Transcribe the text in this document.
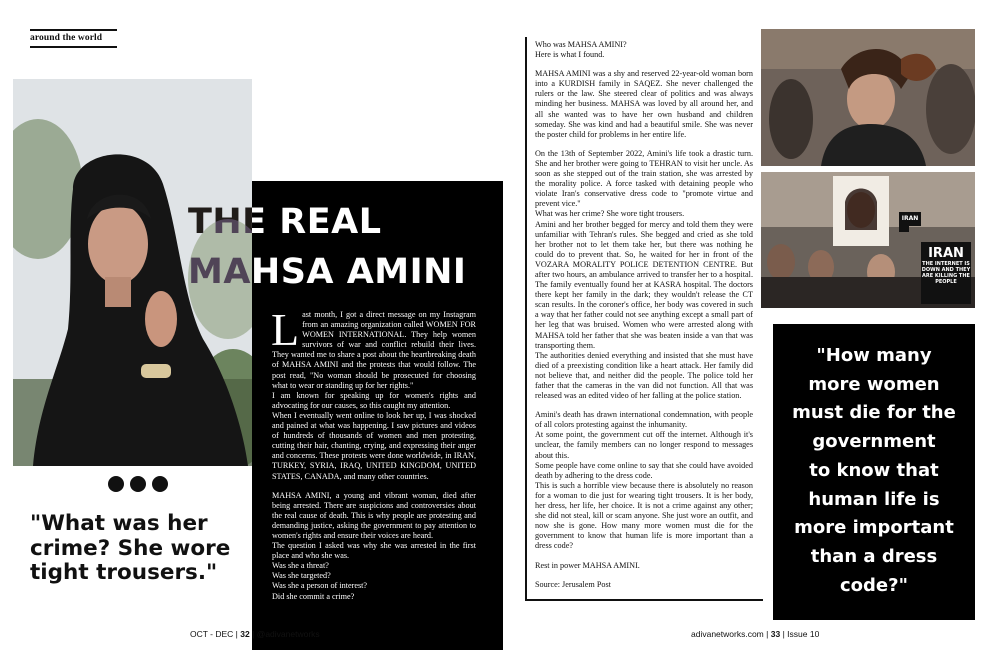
around the world
"What was her crime? She wore tight trousers."
THE REAL
MAHSA AMINI

L ast month, I got a direct message on my Instagram from an amazing organization called WOMEN FOR WOMEN INTERNATIONAL. They help women survivors of war and conflict rebuild their lives. They wanted me to share a post about the heartbreaking death of MAHSA AMINI and the protests that would follow. The post read, "No woman should be prosecuted for choosing what to wear or standing up for her rights."

I am known for speaking up for women's rights and advocating for our causes, so this caught my attention.

When I eventually went online to look her up, I was shocked and pained at what was happening. I saw pictures and videos of hundreds of thousands of women and men protesting, cutting their hair, chanting, crying, and expressing their anger and concerns. These protests were done worldwide, in IRAN, TURKEY, SYRIA, IRAQ, UNITED KINGDOM, UNITED STATES, CANADA, and many other countries.

MAHSA AMINI, a young and vibrant woman, died after being arrested. There are suspicions and controversies about the real cause of death. This is why people are protesting and demanding justice, asking the government to pay attention to women's rights and ensure their voices are heard.

The question I asked was why she was arrested in the first place and who she was.

Was she a threat?

Was she targeted?

Was she a person of interest?

Did she commit a crime?

OCT - DEC | 32 | @adivanetworks

Who was MAHSA AMINI?

Here is what I found.

MAHSA AMINI was a shy and reserved 22-year-old woman born into a KURDISH family in SAQEZ. She never challenged the rulers or the law. She steered clear of politics and was always minding her business. MAHSA was loved by all around her, and all she wanted was to have her own husband and children someday. She was kind and had a beautiful smile. She was never the poster child for problems in her entire life.

On the 13th of September 2022, Amini's life took a drastic turn. She and her brother were going to TEHRAN to visit her uncle. As soon as she stepped out of the train station, she was arrested by the morality police. A force tasked with detaining people who violate Iran's conservative dress code to "promote virtue and prevent vice."

What was her crime? She wore tight trousers.

Amini and her brother begged for mercy and told them they were unfamiliar with Tehran's rules. She begged and cried as she told her brother not to let them take her, but there was nothing he could do to prevent that. So, he waited for her in front of the VOZARA MORALITY POLICE DETENTION CENTRE. But after two hours, an ambulance arrived to transfer her to a hospital. The family eventually found her at KASRA hospital. The doctors there kept her family in the dark; they wouldn't release the CT scan results. In the coroner's office, her body was covered in such a way that her father could not see anything except a small part of her leg that was bruised. Women who were arrested along with MAHSA told her father that she was beaten inside a van that was transporting them.

The authorities denied everything and insisted that she must have died of a preexisting condition like a heart attack. Her family did not believe that, and neither did the people. The police told her father that the cameras in the van did not function. All that was released was an edited video of her falling at the police station.

Amini's death has drawn international condemnation, with people of all colors protesting against the inhumanity.

At some point, the government cut off the internet. Although it's unclear, the family members can no longer respond to messages about this.

Some people have come online to say that she could have avoided death by adhering to the dress code.

This is such a horrible view because there is absolutely no reason for a woman to die just for wearing tight trousers. It is her body, her dress, her life, her choice. It is not a crime against any other; she did not steal, kill or scam anyone. She just wore an outfit, and now she is gone. How many more women must die for the government to know that human life is more important than a dress code?

Rest in power MAHSA AMINI.

Source: Jerusalem Post

IRAN
THE INTERNET IS DOWN AND THEY ARE KILLING THE PEOPLE
IRAN
"How many
more women
must die for the
government
to know that
human life is
more important
than a dress
code?"
adivanetworks.com | 33 | Issue 10
